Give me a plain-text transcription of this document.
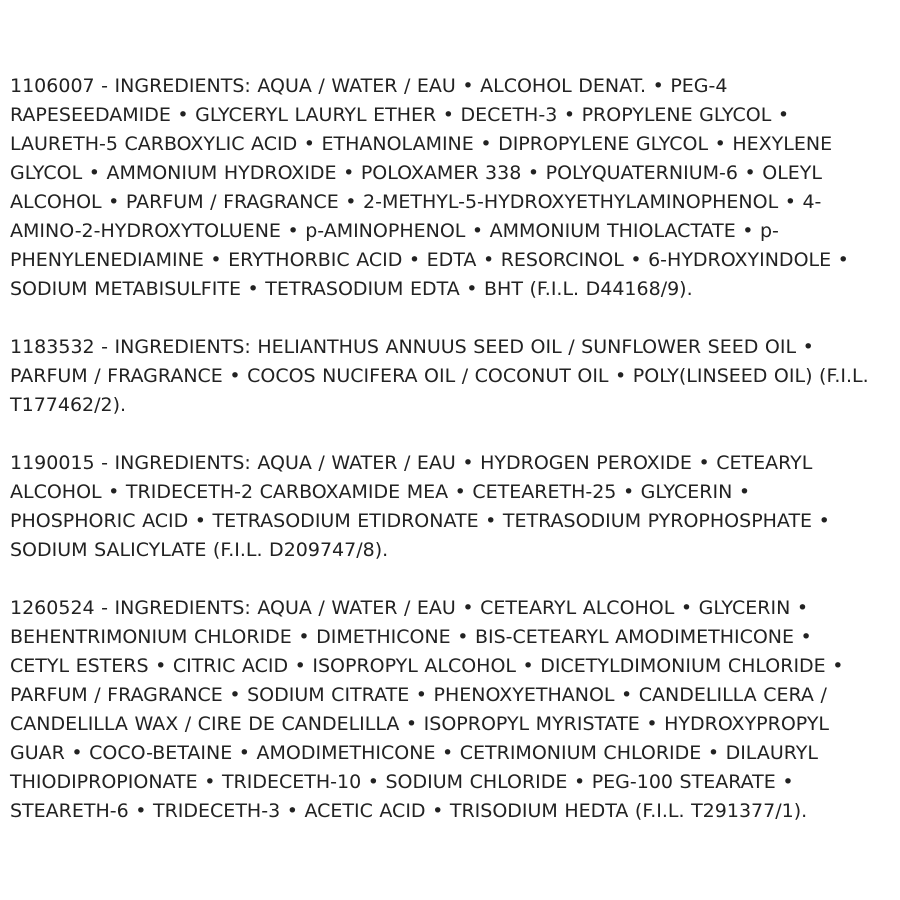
1106007 - INGREDIENTS: AQUA / WATER / EAU • ALCOHOL DENAT. • PEG-4
RAPESEEDAMIDE • GLYCERYL LAURYL ETHER • DECETH-3 • PROPYLENE GLYCOL •
LAURETH-5 CARBOXYLIC ACID • ETHANOLAMINE • DIPROPYLENE GLYCOL • HEXYLENE
GLYCOL • AMMONIUM HYDROXIDE • POLOXAMER 338 • POLYQUATERNIUM-6 • OLEYL
ALCOHOL • PARFUM / FRAGRANCE • 2-METHYL-5-HYDROXYETHYLAMINOPHENOL • 4-
AMINO-2-HYDROXYTOLUENE • p-AMINOPHENOL • AMMONIUM THIOLACTATE • p-
PHENYLENEDIAMINE • ERYTHORBIC ACID • EDTA • RESORCINOL • 6-HYDROXYINDOLE •
SODIUM METABISULFITE • TETRASODIUM EDTA • BHT (F.I.L. D44168/9).
1183532 - INGREDIENTS: HELIANTHUS ANNUUS SEED OIL / SUNFLOWER SEED OIL •
PARFUM / FRAGRANCE • COCOS NUCIFERA OIL / COCONUT OIL • POLY(LINSEED OIL) (F.I.L.
T177462/2).
1190015 - INGREDIENTS: AQUA / WATER / EAU • HYDROGEN PEROXIDE • CETEARYL
ALCOHOL • TRIDECETH-2 CARBOXAMIDE MEA • CETEARETH-25 • GLYCERIN •
PHOSPHORIC ACID • TETRASODIUM ETIDRONATE • TETRASODIUM PYROPHOSPHATE •
SODIUM SALICYLATE (F.I.L. D209747/8).
1260524 - INGREDIENTS: AQUA / WATER / EAU • CETEARYL ALCOHOL • GLYCERIN •
BEHENTRIMONIUM CHLORIDE • DIMETHICONE • BIS-CETEARYL AMODIMETHICONE •
CETYL ESTERS • CITRIC ACID • ISOPROPYL ALCOHOL • DICETYLDIMONIUM CHLORIDE •
PARFUM / FRAGRANCE • SODIUM CITRATE • PHENOXYETHANOL • CANDELILLA CERA /
CANDELILLA WAX / CIRE DE CANDELILLA • ISOPROPYL MYRISTATE • HYDROXYPROPYL
GUAR • COCO-BETAINE • AMODIMETHICONE • CETRIMONIUM CHLORIDE • DILAURYL
THIODIPROPIONATE • TRIDECETH-10 • SODIUM CHLORIDE • PEG-100 STEARATE •
STEARETH-6 • TRIDECETH-3 • ACETIC ACID • TRISODIUM HEDTA (F.I.L. T291377/1).
